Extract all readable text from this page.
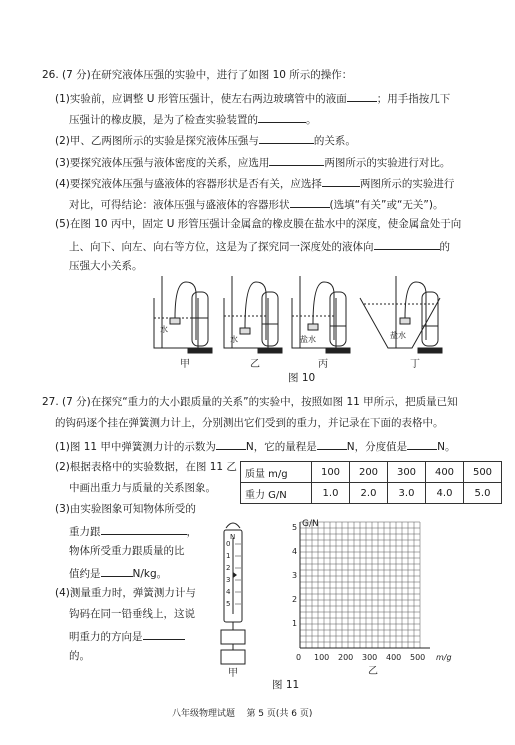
26. (7 分)在研究液体压强的实验中，进行了如图 10 所示的操作：
(1)实验前，应调整 U 形管压强计，使左右两边玻璃管中的液面	；用手指按几下
压强计的橡皮膜，是为了检查实验装置的	。
(2)甲、乙两图所示的实验是探究液体压强与	的关系。
(3)要探究液体压强与液体密度的关系，应选用	两图所示的实验进行对比。
(4)要探究液体压强与盛液体的容器形状是否有关，应选择	两图所示的实验进行
对比，可得结论：液体压强与盛液体的容器形状	(选填“有关”或“无关”)。
(5)在图 10 丙中，固定 U 形管压强计金属盒的橡皮膜在盐水中的深度，使金属盒处于向
上、向下、向左、向右等方位，这是为了探究同一深度处的液体向	的
压强大小关系。
水
水	盐水	盐水
甲	乙	丙	丁
图 10
27. (7 分)在探究“重力的大小跟质量的关系”的实验中，按照如图 11 甲所示，把质量已知
的钩码逐个挂在弹簧测力计上，分别测出它们受到的重力，并记录在下面的表格中。
(1)图 11 甲中弹簧测力计的示数为	N，它的量程是	N，分度值是	N。
(2)根据表格中的实验数据，在图 11 乙
中画出重力与质量的关系图象。
质量 m/g	100	200	300	400	500
重力 G/N	1.0	2.0	3.0	4.0	5.0
(3)由实验图象可知物体所受的
重力跟	，
物体所受重力跟质量的比
值约是	N/kg。
(4)测量重力时，弹簧测力计与
钩码在同一铅垂线上，这说
明重力的方向是
的。
N
0
1
2
3
4
5
甲
G/N
1
2
3
4
5
0 100 200 300 400 500 m/g
乙
图 11
八年级物理试题    第 5 页(共 6 页)
